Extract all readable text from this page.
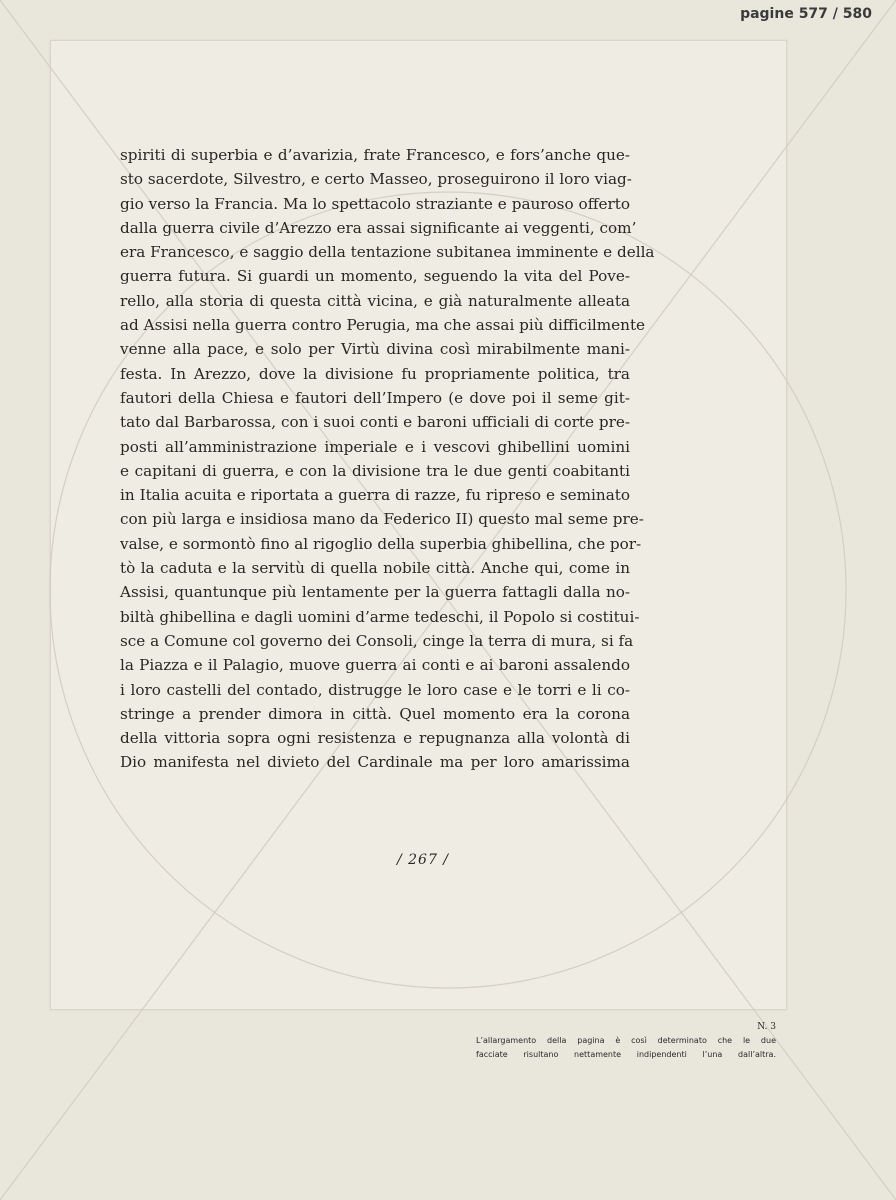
pagine 577 / 580
spiriti di superbia e d’avarizia, frate Francesco, e fors’anche que-
sto sacerdote, Silvestro, e certo Masseo, proseguirono il loro viag-
gio verso la Francia. Ma lo spettacolo straziante e pauroso offerto
dalla guerra civile d’Arezzo era assai significante ai veggenti, com’
era Francesco, e saggio della tentazione subitanea imminente e della
guerra futura. Si guardi un momento, seguendo la vita del Pove-
rello, alla storia di questa città vicina, e già naturalmente alleata
ad Assisi nella guerra contro Perugia, ma che assai più difficilmente
venne alla pace, e solo per Virtù divina così mirabilmente mani-
festa. In Arezzo, dove la divisione fu propriamente politica, tra
fautori della Chiesa e fautori dell’Impero (e dove poi il seme git-
tato dal Barbarossa, con i suoi conti e baroni ufficiali di corte pre-
posti all’amministrazione imperiale e i vescovi ghibellini uomini
e capitani di guerra, e con la divisione tra le due genti coabitanti
in Italia acuita e riportata a guerra di razze, fu ripreso e seminato
con più larga e insidiosa mano da Federico II) questo mal seme pre-
valse, e sormontò fino al rigoglio della superbia ghibellina, che por-
tò la caduta e la servitù di quella nobile città. Anche qui, come in
Assisi, quantunque più lentamente per la guerra fattagli dalla no-
biltà ghibellina e dagli uomini d’arme tedeschi, il Popolo si costitui-
sce a Comune col governo dei Consoli, cinge la terra di mura, si fa
la Piazza e il Palagio, muove guerra ai conti e ai baroni assalendo
i loro castelli del contado, distrugge le loro case e le torri e li co-
stringe a prender dimora in città. Quel momento era la corona
della vittoria sopra ogni resistenza e repugnanza alla volontà di
Dio manifesta nel divieto del Cardinale ma per loro amarissima
/ 267 /
N. 3
L’allargamento della pagina è così determinato che le due
facciate risultano nettamente indipendenti l’una dall’altra.
